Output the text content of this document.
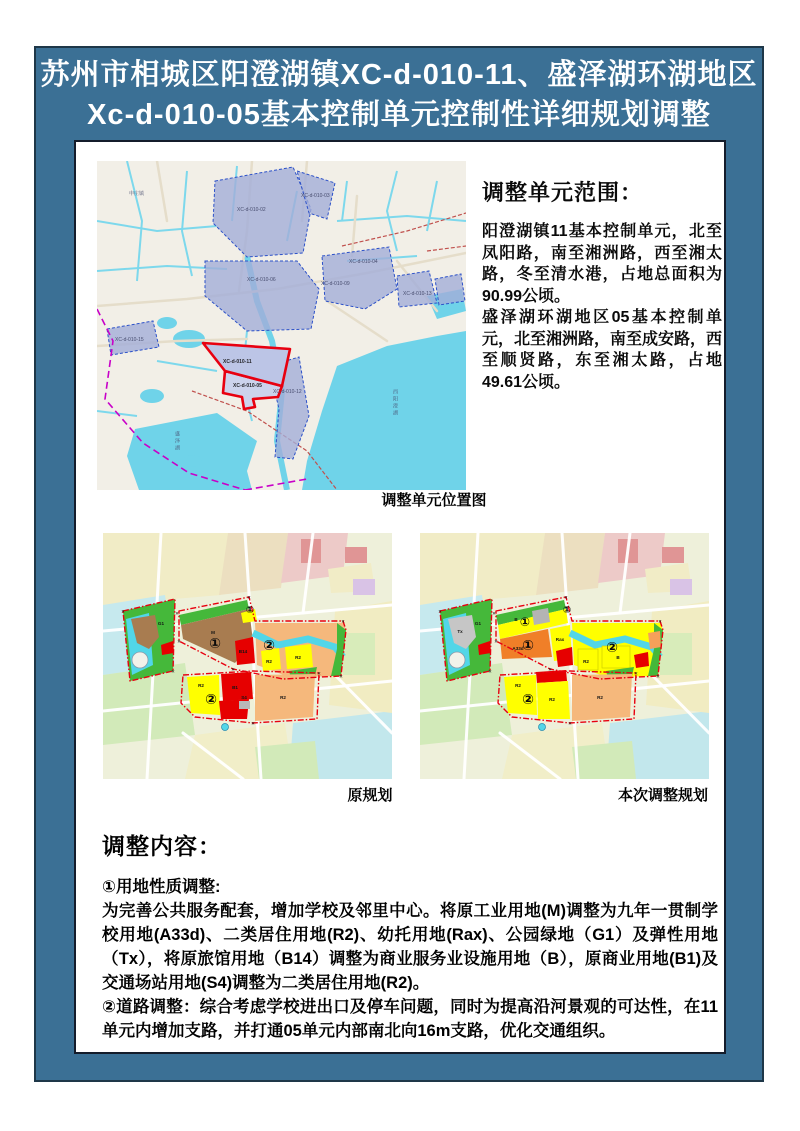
苏州市相城区阳澄湖镇XC-d-010-11、盛泽湖环湖地区
Xc-d-010-05基本控制单元控制性详细规划调整
XC-d-010-02
XC-d-010-03
XC-d-010-04
XC-d-010-06
XC-d-010-09
XC-d-010-13
XC-d-010-15
XC-d-010-12
申庄镇
西阳澄湖
盛泽湖
XC-d-010-11
XC-d-010-05
调整单元范围：

阳澄湖镇11基本控制单元，北至凤阳路，南至湘洲路，西至湘太路，冬至清水港，占地总面积为90.99公顷。

盛泽湖环湖地区05基本控制单元，北至湘洲路，南至成安路，西至顺贤路，东至湘太路，占地49.61公顷。

调整单元位置图
G1
M
B14
R2
R2
R2	B1
S4	R2
①
①
②
②
✕
✕
✕
✕
✕
✕
✕
✕
✕
✕
G1
Tx
B
A33d
Rax
R2
B
R2
R2	R2
①
①
①	②
②
✕
✕
✕
✕
✕
✕
✕
✕
✕
✕
原规划	本次调整规划
调整内容：

①用地性质调整:

为完善公共服务配套，增加学校及邻里中心。将原工业用地(M)调整为九年一贯制学校用地(A33d)、二类居住用地(R2)、幼托用地(Rax)、公园绿地（G1）及弹性用地（Tx），将原旅馆用地（B14）调整为商业服务业设施用地（B），原商业用地(B1)及交通场站用地(S4)调整为二类居住用地(R2)。

②道路调整：综合考虑学校进出口及停车问题，同时为提高沿河景观的可达性，在11单元内增加支路，并打通05单元内部南北向16m支路，优化交通组织。
